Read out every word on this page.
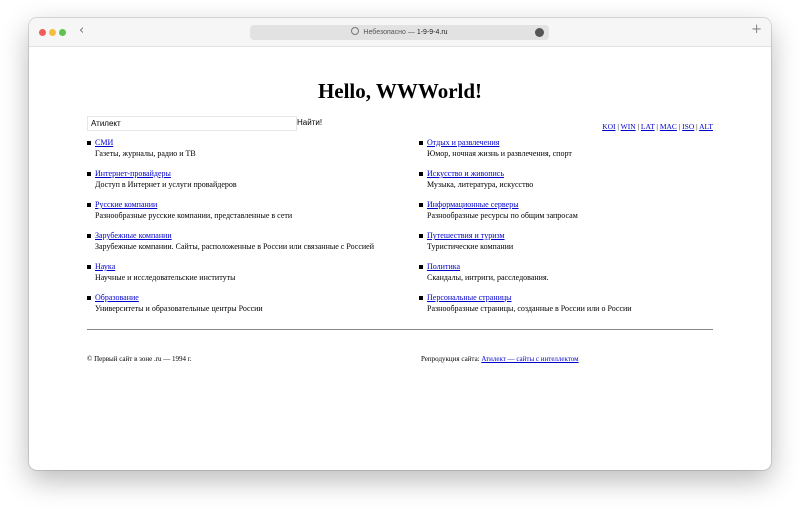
‹	Небезопасно — 1-9-9-4.ru	+
Hello, WWWorld!
Атилект
Найти!	KOI | WIN | LAT | MAC | ISO | ALT
СМИ
Газеты, журналы, радио и ТВ
Интернет-провайдеры
Доступ в Интернет и услуги провайдеров
Русские компании
Разнообразные русские компании, представленные в сети
Зарубежные компании
Зарубежные компании. Сайты, расположенные в России или связанные с Россией
Наука
Научные и исследовательские институты
Образование
Университеты и образовательные центры России
Отдых и развлечения
Юмор, ночная жизнь и развлечения, спорт
Искусство и живопись
Музыка, литература, искусство
Информационные серверы
Разнообразные ресурсы по общим запросам
Путешествия и туризм
Туристические компании
Политика
Скандалы, интриги, расследования.
Персональные страницы
Разнообразные страницы, созданные в России или о России
© Первый сайт в зоне .ru — 1994 г.	Репродукция сайта: Атилект — сайты с интеллектом
